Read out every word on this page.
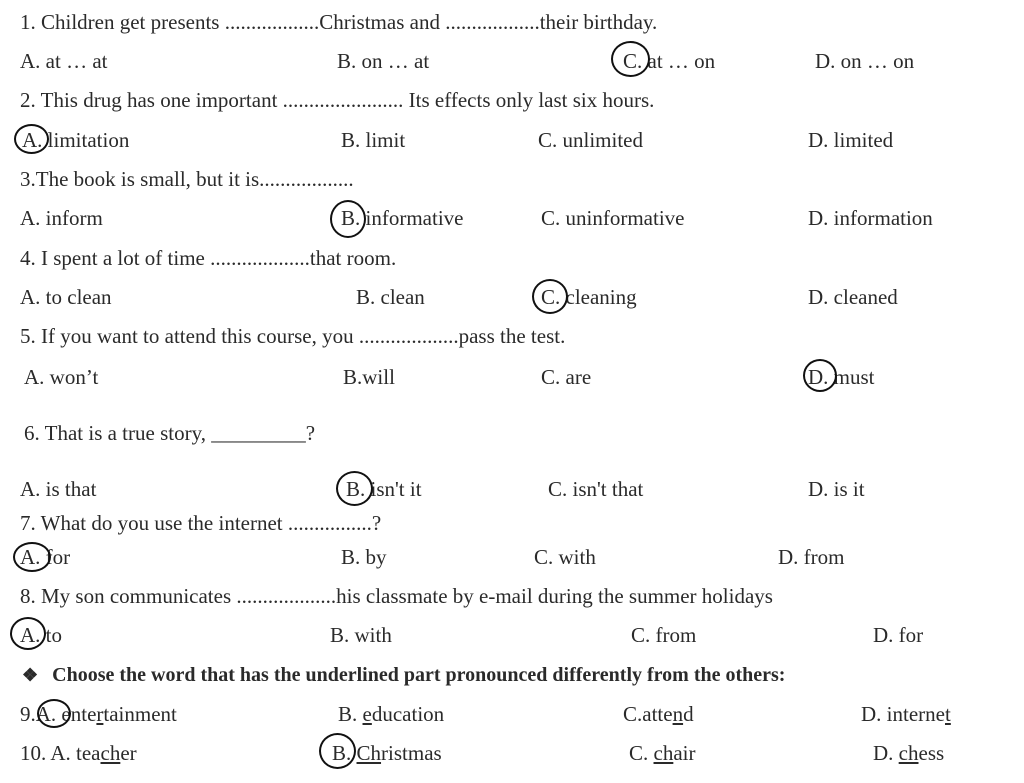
1. Children get presents ..................Christmas and ..................their birthday.
A. at … at	B. on … at	C. at … on	D. on … on
2. This drug has one important ....................... Its effects only last six hours.
A. limitation	B. limit	C. unlimited	D. limited
3.The book is small, but it is..................
A. inform	B. informative	C. uninformative	D. information
4. I spent a lot of time ...................that room.
A. to clean	B. clean	C. cleaning	D. cleaned
5. If you want to attend this course, you ...................pass the test.
A. won’t	B.will	C. are	D. must
6. That is a true story, _________?
A. is that	B. isn't it	C. isn't that	D. is it
7. What do you use the internet ................?
A. for	B. by	C. with	D. from
8. My son communicates ...................his classmate by e-mail during the summer holidays
A. to	B. with	C. from	D. for
❖ Choose the word that has the underlined part pronounced differently from the others:
9.A. entertainment	B. education	C.attend	D. internet
10. A. teacher	B. Christmas	C. chair	D. chess
